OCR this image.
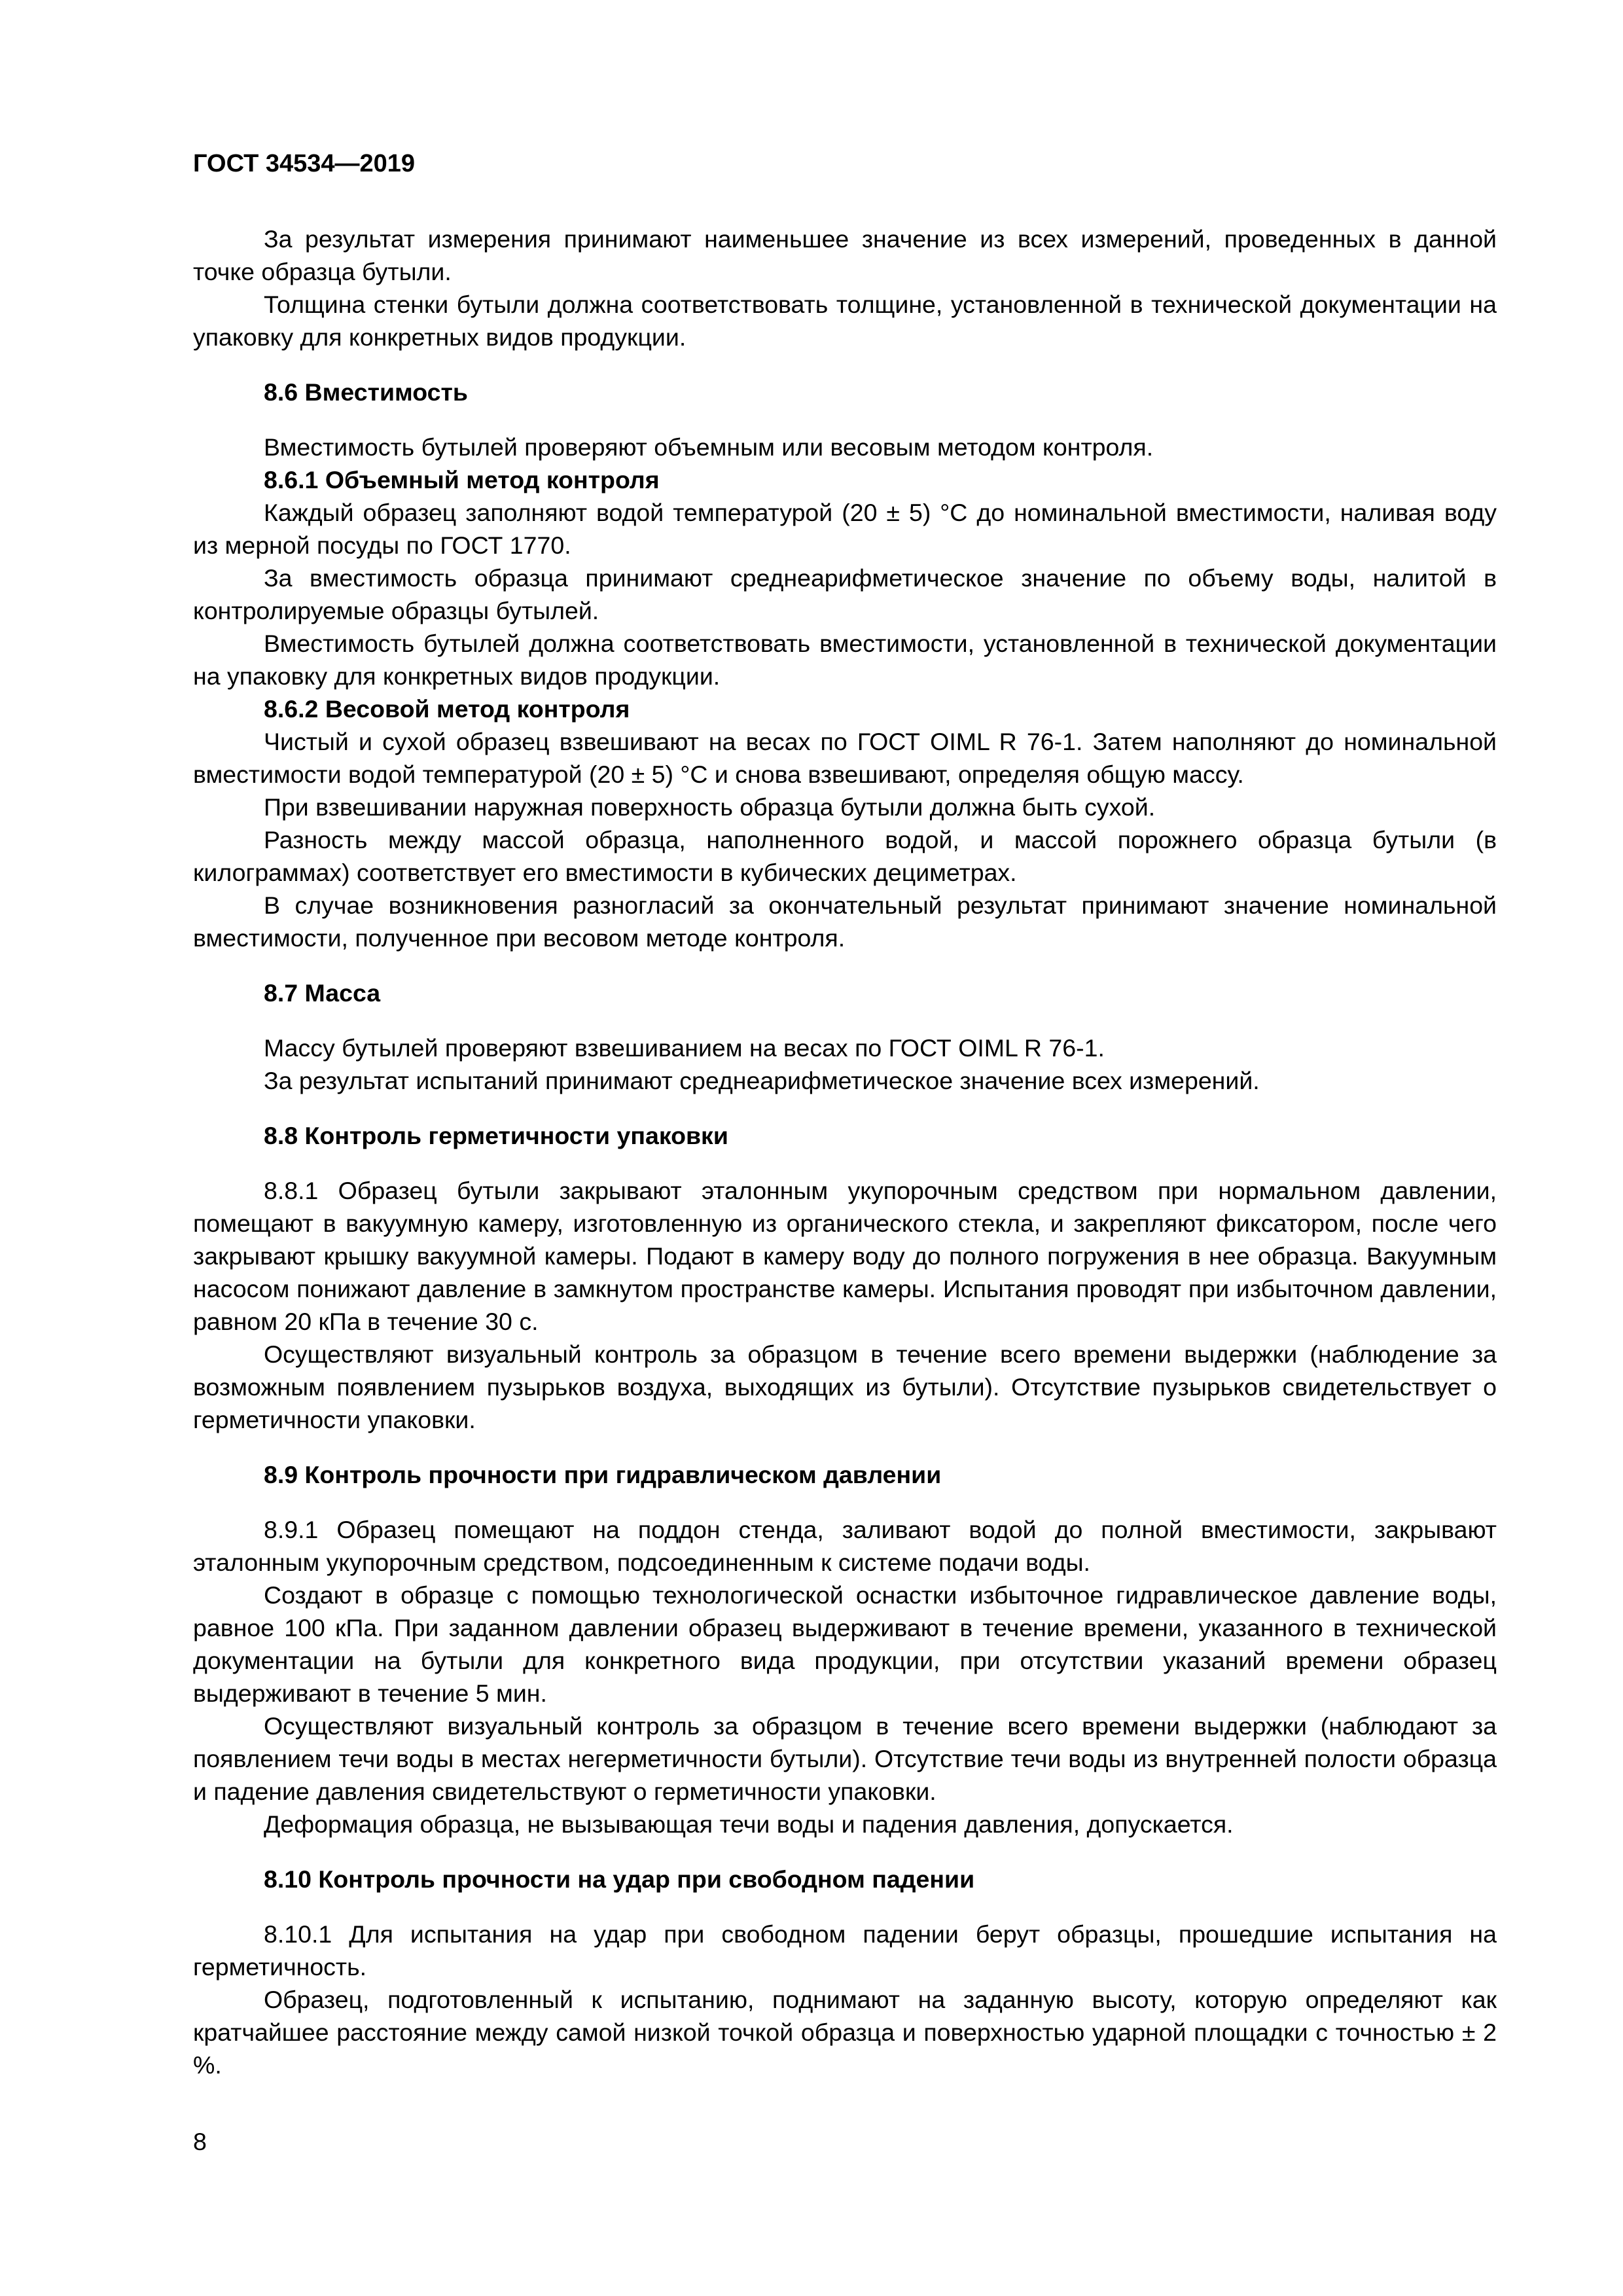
ГОСТ 34534—2019

За результат измерения принимают наименьшее значение из всех измерений, проведенных в данной точке образца бутыли.

Толщина стенки бутыли должна соответствовать толщине, установленной в технической документации на упаковку для конкретных видов продукции.

8.6 Вместимость

Вместимость бутылей проверяют объемным или весовым методом контроля.

8.6.1 Объемный метод контроля

Каждый образец заполняют водой температурой (20 ± 5) °С до номинальной вместимости, наливая воду из мерной посуды по ГОСТ 1770.

За вместимость образца принимают среднеарифметическое значение по объему воды, налитой в контролируемые образцы бутылей.

Вместимость бутылей должна соответствовать вместимости, установленной в технической документации на упаковку для конкретных видов продукции.

8.6.2 Весовой метод контроля

Чистый и сухой образец взвешивают на весах по ГОСТ OIML R 76-1. Затем наполняют до номинальной вместимости водой температурой (20 ± 5) °С и снова взвешивают, определяя общую массу.

При взвешивании наружная поверхность образца бутыли должна быть сухой.

Разность между массой образца, наполненного водой, и массой порожнего образца бутыли (в килограммах) соответствует его вместимости в кубических дециметрах.

В случае возникновения разногласий за окончательный результат принимают значение номинальной вместимости, полученное при весовом методе контроля.

8.7 Масса

Массу бутылей проверяют взвешиванием на весах по ГОСТ OIML R 76-1.

За результат испытаний принимают среднеарифметическое значение всех измерений.

8.8 Контроль герметичности упаковки

8.8.1 Образец бутыли закрывают эталонным укупорочным средством при нормальном давлении, помещают в вакуумную камеру, изготовленную из органического стекла, и закрепляют фиксатором, после чего закрывают крышку вакуумной камеры. Подают в камеру воду до полного погружения в нее образца. Вакуумным насосом понижают давление в замкнутом пространстве камеры. Испытания проводят при избыточном давлении, равном 20 кПа в течение 30 с.

Осуществляют визуальный контроль за образцом в течение всего времени выдержки (наблюдение за возможным появлением пузырьков воздуха, выходящих из бутыли). Отсутствие пузырьков свидетельствует о герметичности упаковки.

8.9 Контроль прочности при гидравлическом давлении

8.9.1 Образец помещают на поддон стенда, заливают водой до полной вместимости, закрывают эталонным укупорочным средством, подсоединенным к системе подачи воды.

Создают в образце с помощью технологической оснастки избыточное гидравлическое давление воды, равное 100 кПа. При заданном давлении образец выдерживают в течение времени, указанного в технической документации на бутыли для конкретного вида продукции, при отсутствии указаний времени образец выдерживают в течение 5 мин.

Осуществляют визуальный контроль за образцом в течение всего времени выдержки (наблюдают за появлением течи воды в местах негерметичности бутыли). Отсутствие течи воды из внутренней полости образца и падение давления свидетельствуют о герметичности упаковки.

Деформация образца, не вызывающая течи воды и падения давления, допускается.

8.10 Контроль прочности на удар при свободном падении

8.10.1 Для испытания на удар при свободном падении берут образцы, прошедшие испытания на герметичность.

Образец, подготовленный к испытанию, поднимают на заданную высоту, которую определяют как кратчайшее расстояние между самой низкой точкой образца и поверхностью ударной площадки с точностью ± 2 %.

8
